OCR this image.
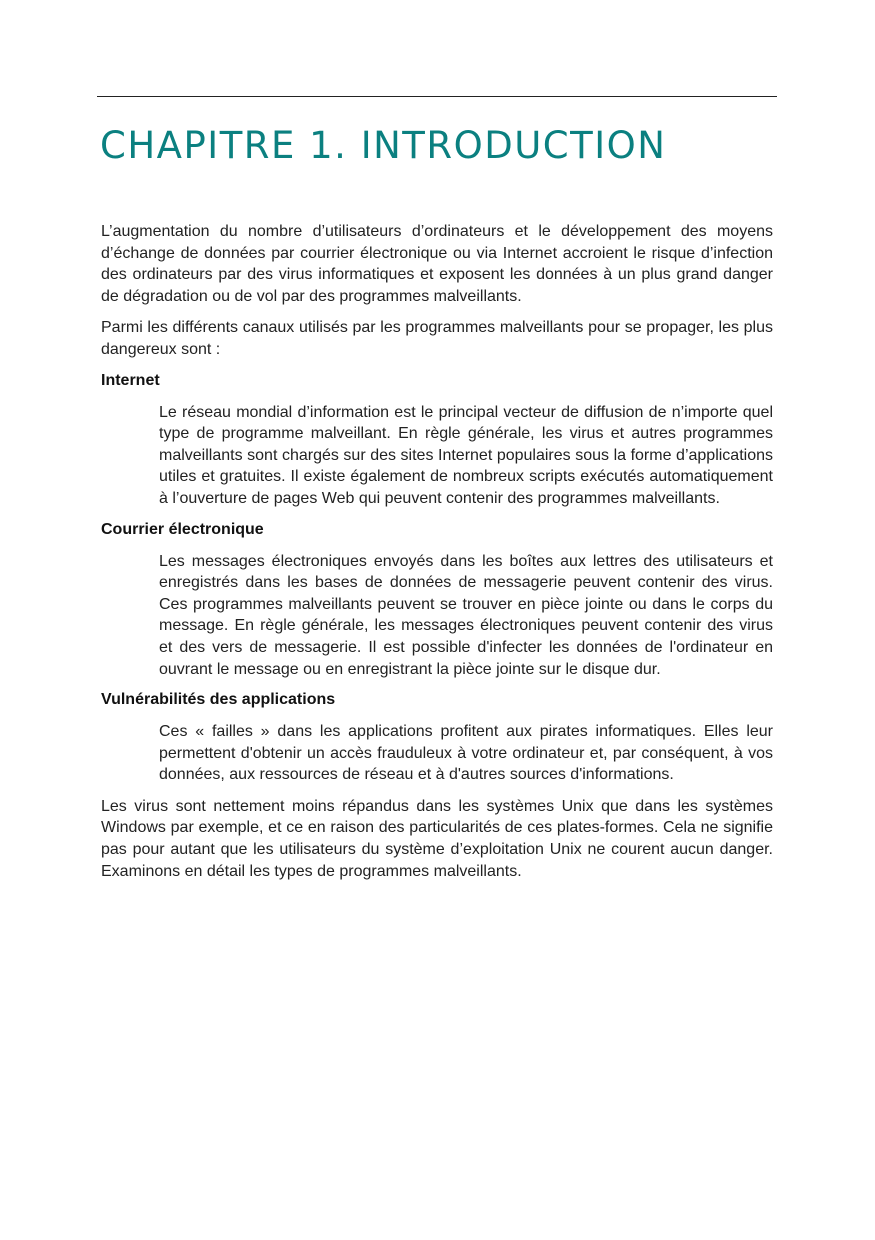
CHAPITRE 1. INTRODUCTION

L’augmentation du nombre d’utilisateurs d’ordinateurs et le développement des moyens d’échange de données par courrier électronique ou via Internet accroient le risque d’infection des ordinateurs par des virus informatiques et exposent les données à un plus grand danger de dégradation ou de vol par des programmes malveillants.

Parmi les différents canaux utilisés par les programmes malveillants pour se propager, les plus dangereux sont :

Internet

Le réseau mondial d’information est le principal vecteur de diffusion de n’importe quel type de programme malveillant. En règle générale, les virus et autres programmes malveillants sont chargés sur des sites Internet populaires sous la forme d’applications utiles et gratuites. Il existe également de nombreux scripts exécutés automatiquement à l’ouverture de pages Web qui peuvent contenir des programmes malveillants.

Courrier électronique

Les messages électroniques envoyés dans les boîtes aux lettres des utilisateurs et enregistrés dans les bases de données de messagerie peuvent contenir des virus. Ces programmes malveillants peuvent se trouver en pièce jointe ou dans le corps du message. En règle générale, les messages électroniques peuvent contenir des virus et des vers de messagerie. Il est possible d'infecter les données de l'ordinateur en ouvrant le message ou en enregistrant la pièce jointe sur le disque dur.

Vulnérabilités des applications

Ces « failles » dans les applications profitent aux pirates informatiques. Elles leur permettent d'obtenir un accès frauduleux à votre ordinateur et, par conséquent, à vos données, aux ressources de réseau et à d'autres sources d'informations.

Les virus sont nettement moins répandus dans les systèmes Unix que dans les systèmes Windows par exemple, et ce en raison des particularités de ces plates-formes. Cela ne signifie pas pour autant que les utilisateurs du système d’exploitation Unix ne courent aucun danger. Examinons en détail les types de programmes malveillants.
